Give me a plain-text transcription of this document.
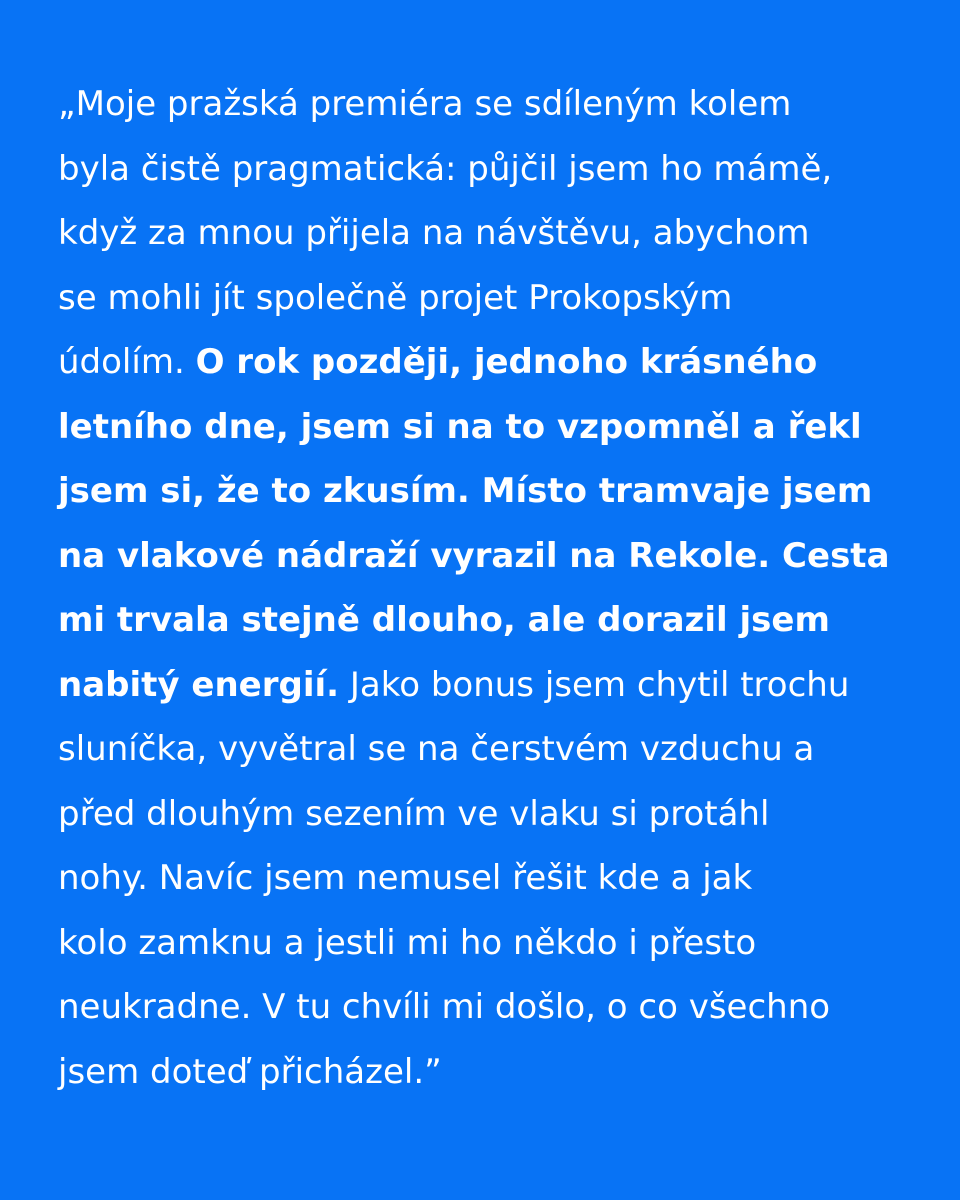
„Moje pražská premiéra se sdíleným kolem
byla čistě pragmatická: půjčil jsem ho mámě,
když za mnou přijela na návštěvu, abychom
se mohli jít společně projet Prokopským
údolím. O rok později, jednoho krásného
letního dne, jsem si na to vzpomněl a řekl
jsem si, že to zkusím. Místo tramvaje jsem
na vlakové nádraží vyrazil na Rekole. Cesta
mi trvala stejně dlouho, ale dorazil jsem
nabitý energií. Jako bonus jsem chytil trochu
sluníčka, vyvětral se na čerstvém vzduchu a
před dlouhým sezením ve vlaku si protáhl
nohy. Navíc jsem nemusel řešit kde a jak
kolo zamknu a jestli mi ho někdo i přesto
neukradne. V tu chvíli mi došlo, o co všechno
jsem doteď přicházel.”
